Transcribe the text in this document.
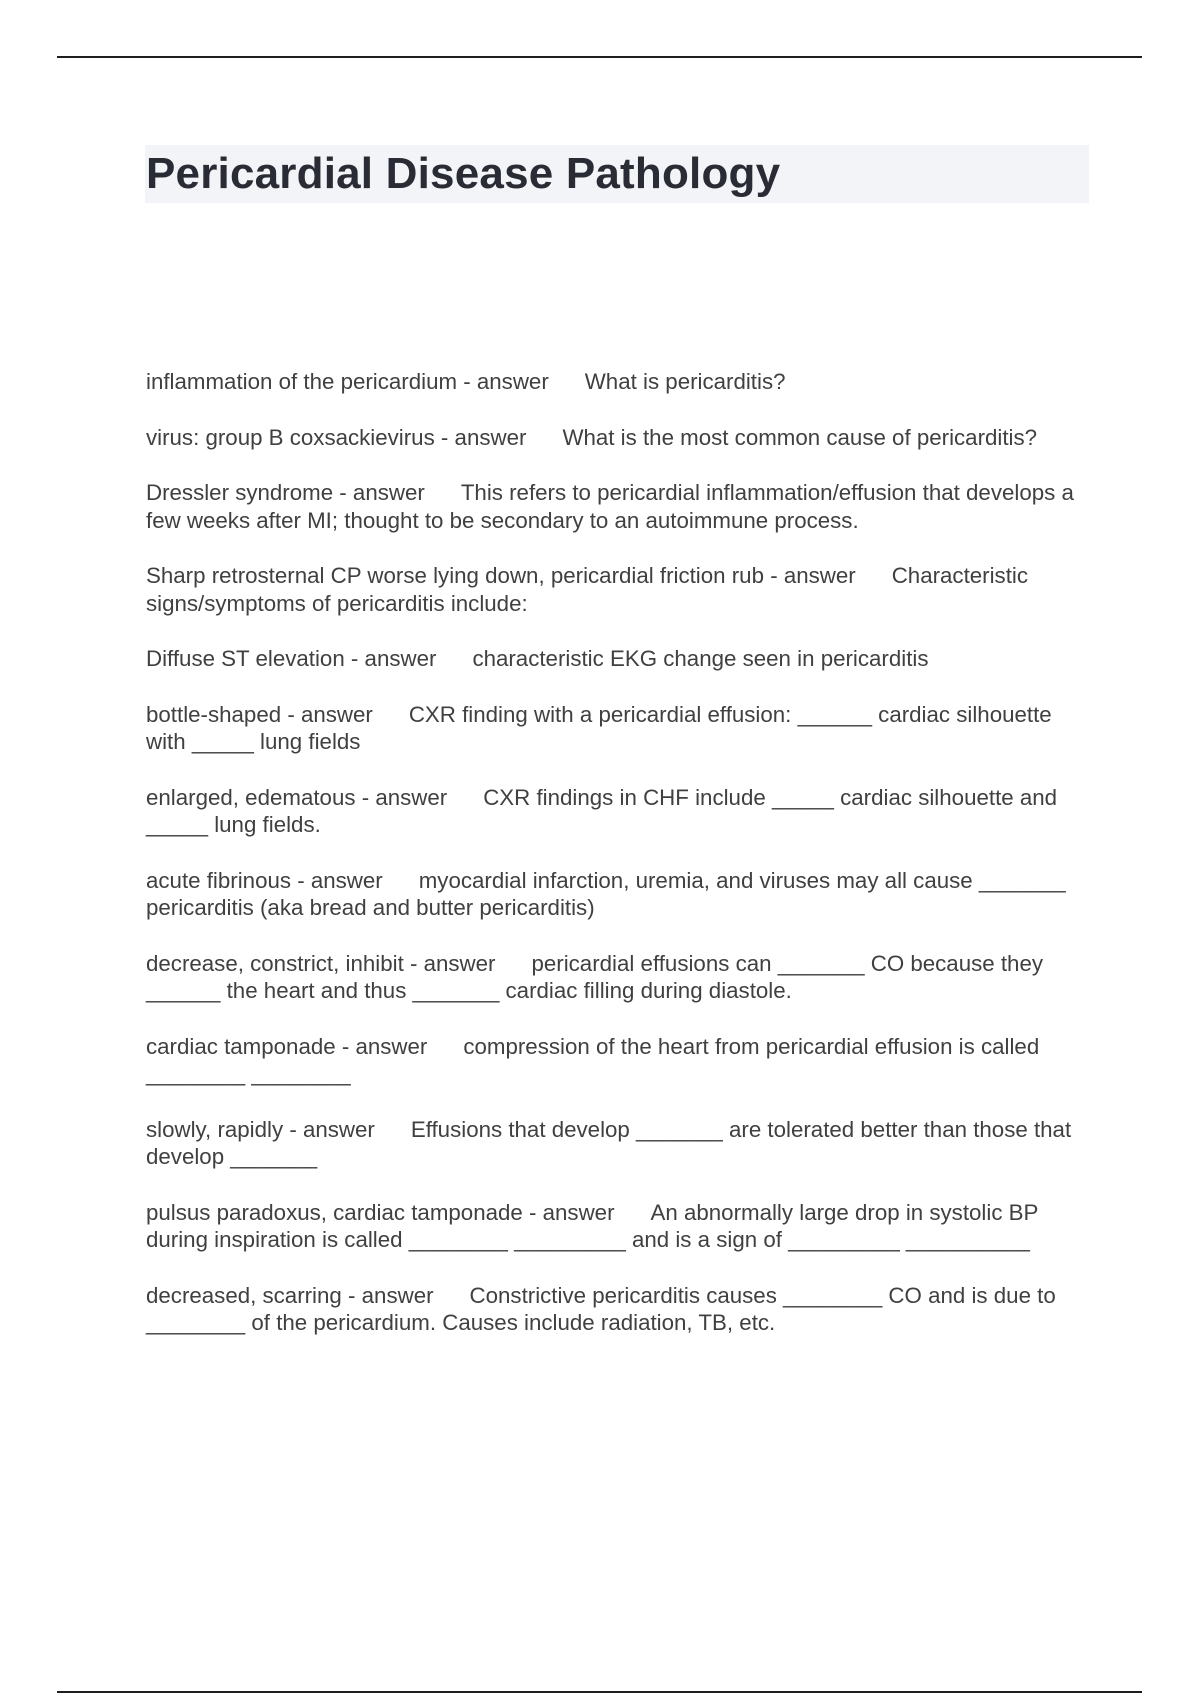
Pericardial Disease Pathology
inflammation of the pericardium - answer What is pericarditis?
virus: group B coxsackievirus - answer What is the most common cause of pericarditis?
Dressler syndrome - answer This refers to pericardial inflammation/effusion that develops a few weeks after MI; thought to be secondary to an autoimmune process.
Sharp retrosternal CP worse lying down, pericardial friction rub - answer Characteristic signs/symptoms of pericarditis include:
Diffuse ST elevation - answer characteristic EKG change seen in pericarditis
bottle-shaped - answer CXR finding with a pericardial effusion: ______ cardiac silhouette with _____ lung fields
enlarged, edematous - answer CXR findings in CHF include _____ cardiac silhouette and _____ lung fields.
acute fibrinous - answer myocardial infarction, uremia, and viruses may all cause _______ pericarditis (aka bread and butter pericarditis)
decrease, constrict, inhibit - answer pericardial effusions can _______ CO because they ______ the heart and thus _______ cardiac filling during diastole.
cardiac tamponade - answer compression of the heart from pericardial effusion is called ________ ________
slowly, rapidly - answer Effusions that develop _______ are tolerated better than those that develop _______
pulsus paradoxus, cardiac tamponade - answer An abnormally large drop in systolic BP during inspiration is called ________ _________ and is a sign of _________ __________
decreased, scarring - answer Constrictive pericarditis causes ________ CO and is due to ________ of the pericardium. Causes include radiation, TB, etc.
